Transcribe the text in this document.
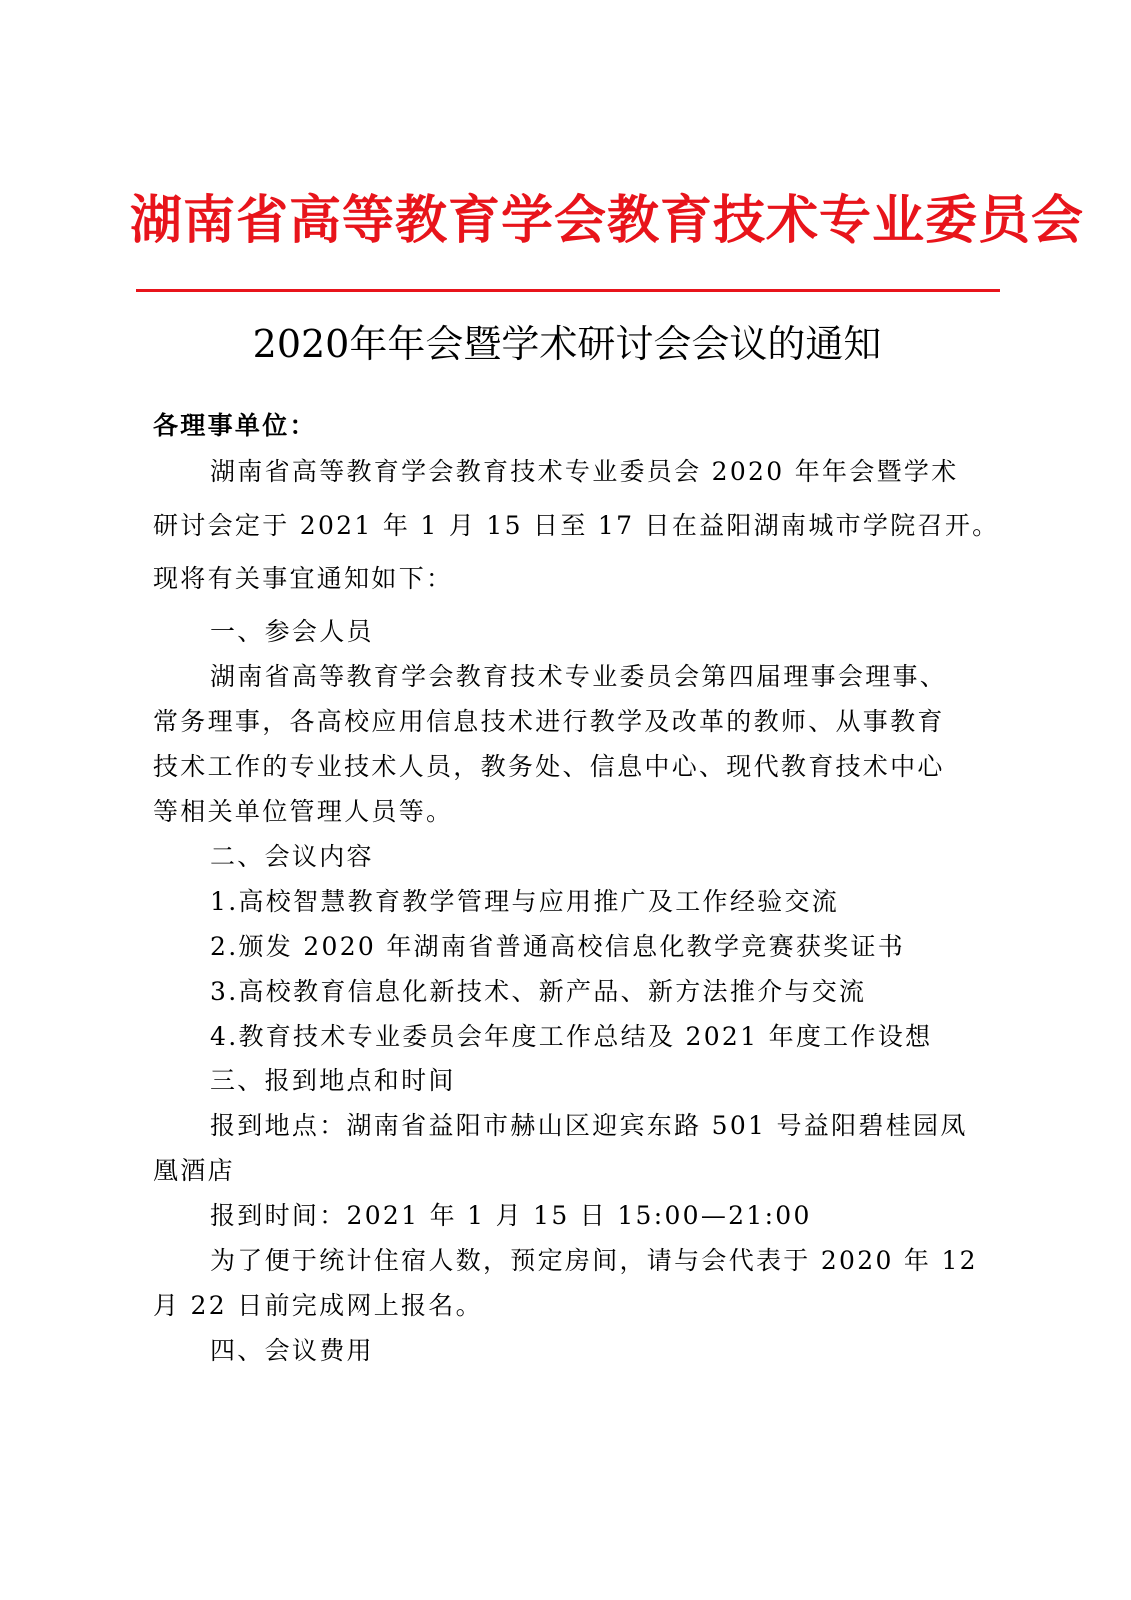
湖南省高等教育学会教育技术专业委员会
2020年年会暨学术研讨会会议的通知
各理事单位：
湖南省高等教育学会教育技术专业委员会 2020 年年会暨学术
研讨会定于 2021 年 1 月 15 日至 17 日在益阳湖南城市学院召开。
现将有关事宜通知如下：
一、参会人员
湖南省高等教育学会教育技术专业委员会第四届理事会理事、
常务理事，各高校应用信息技术进行教学及改革的教师、从事教育
技术工作的专业技术人员，教务处、信息中心、现代教育技术中心
等相关单位管理人员等。
二、会议内容
1.高校智慧教育教学管理与应用推广及工作经验交流
2.颁发 2020 年湖南省普通高校信息化教学竞赛获奖证书
3.高校教育信息化新技术、新产品、新方法推介与交流
4.教育技术专业委员会年度工作总结及 2021 年度工作设想
三、报到地点和时间
报到地点：湖南省益阳市赫山区迎宾东路 501 号益阳碧桂园凤
凰酒店
报到时间：2021 年 1 月 15 日 15:00—21:00
为了便于统计住宿人数，预定房间，请与会代表于 2020 年 12
月 22 日前完成网上报名。
四、会议费用
